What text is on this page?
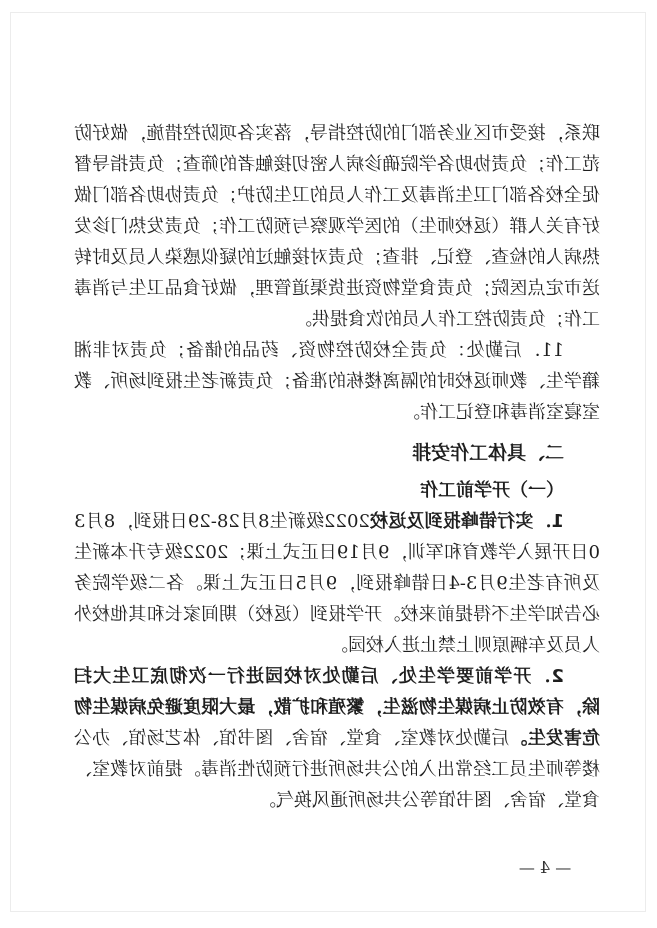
联系，接受市区业务部门的防控指导，落实各项防控措施，做好防范工作；负责协助各学院确诊病人密切接触者的筛查；负责指导督促全校各部门卫生消毒及工作人员的卫生防护；负责协助各部门做好有关人群（返校师生）的医学观察与预防工作；负责发热门诊发热病人的检查、登记、排查；负责对接触过的疑似感染人员及时转送市定点医院；负责食堂物资进货渠道管理，做好食品卫生与消毒工作；负责防控工作人员的饮食提供。

11．后勤处：负责全校防控物资、药品的储备；负责对非湘籍学生、教师返校时的隔离楼栋的准备；负责新老生报到场所、教室寝室消毒和登记工作。

二、具体工作安排
（一）开学前工作

1．实行错峰报到及返校2022级新生8月28-29日报到，8月30日开展入学教育和军训，9月19日正式上课；2022级专升本新生及所有老生9月3-4日错峰报到，9月5日正式上课。各二级学院务必告知学生不得提前来校。开学报到（返校）期间家长和其他校外人员及车辆原则上禁止进入校园。

2．开学前要学生处、后勤处对校园进行一次彻底卫生大扫除，有效防止病媒生物滋生，繁殖和扩散，最大限度避免病媒生物危害发生。后勤处对教室、食堂、宿舍、图书馆、体艺场馆、办公楼等师生员工经常出入的公共场所进行预防性消毒。提前对教室、食堂、宿舍、图书馆等公共场所通风换气。

— 4 —
